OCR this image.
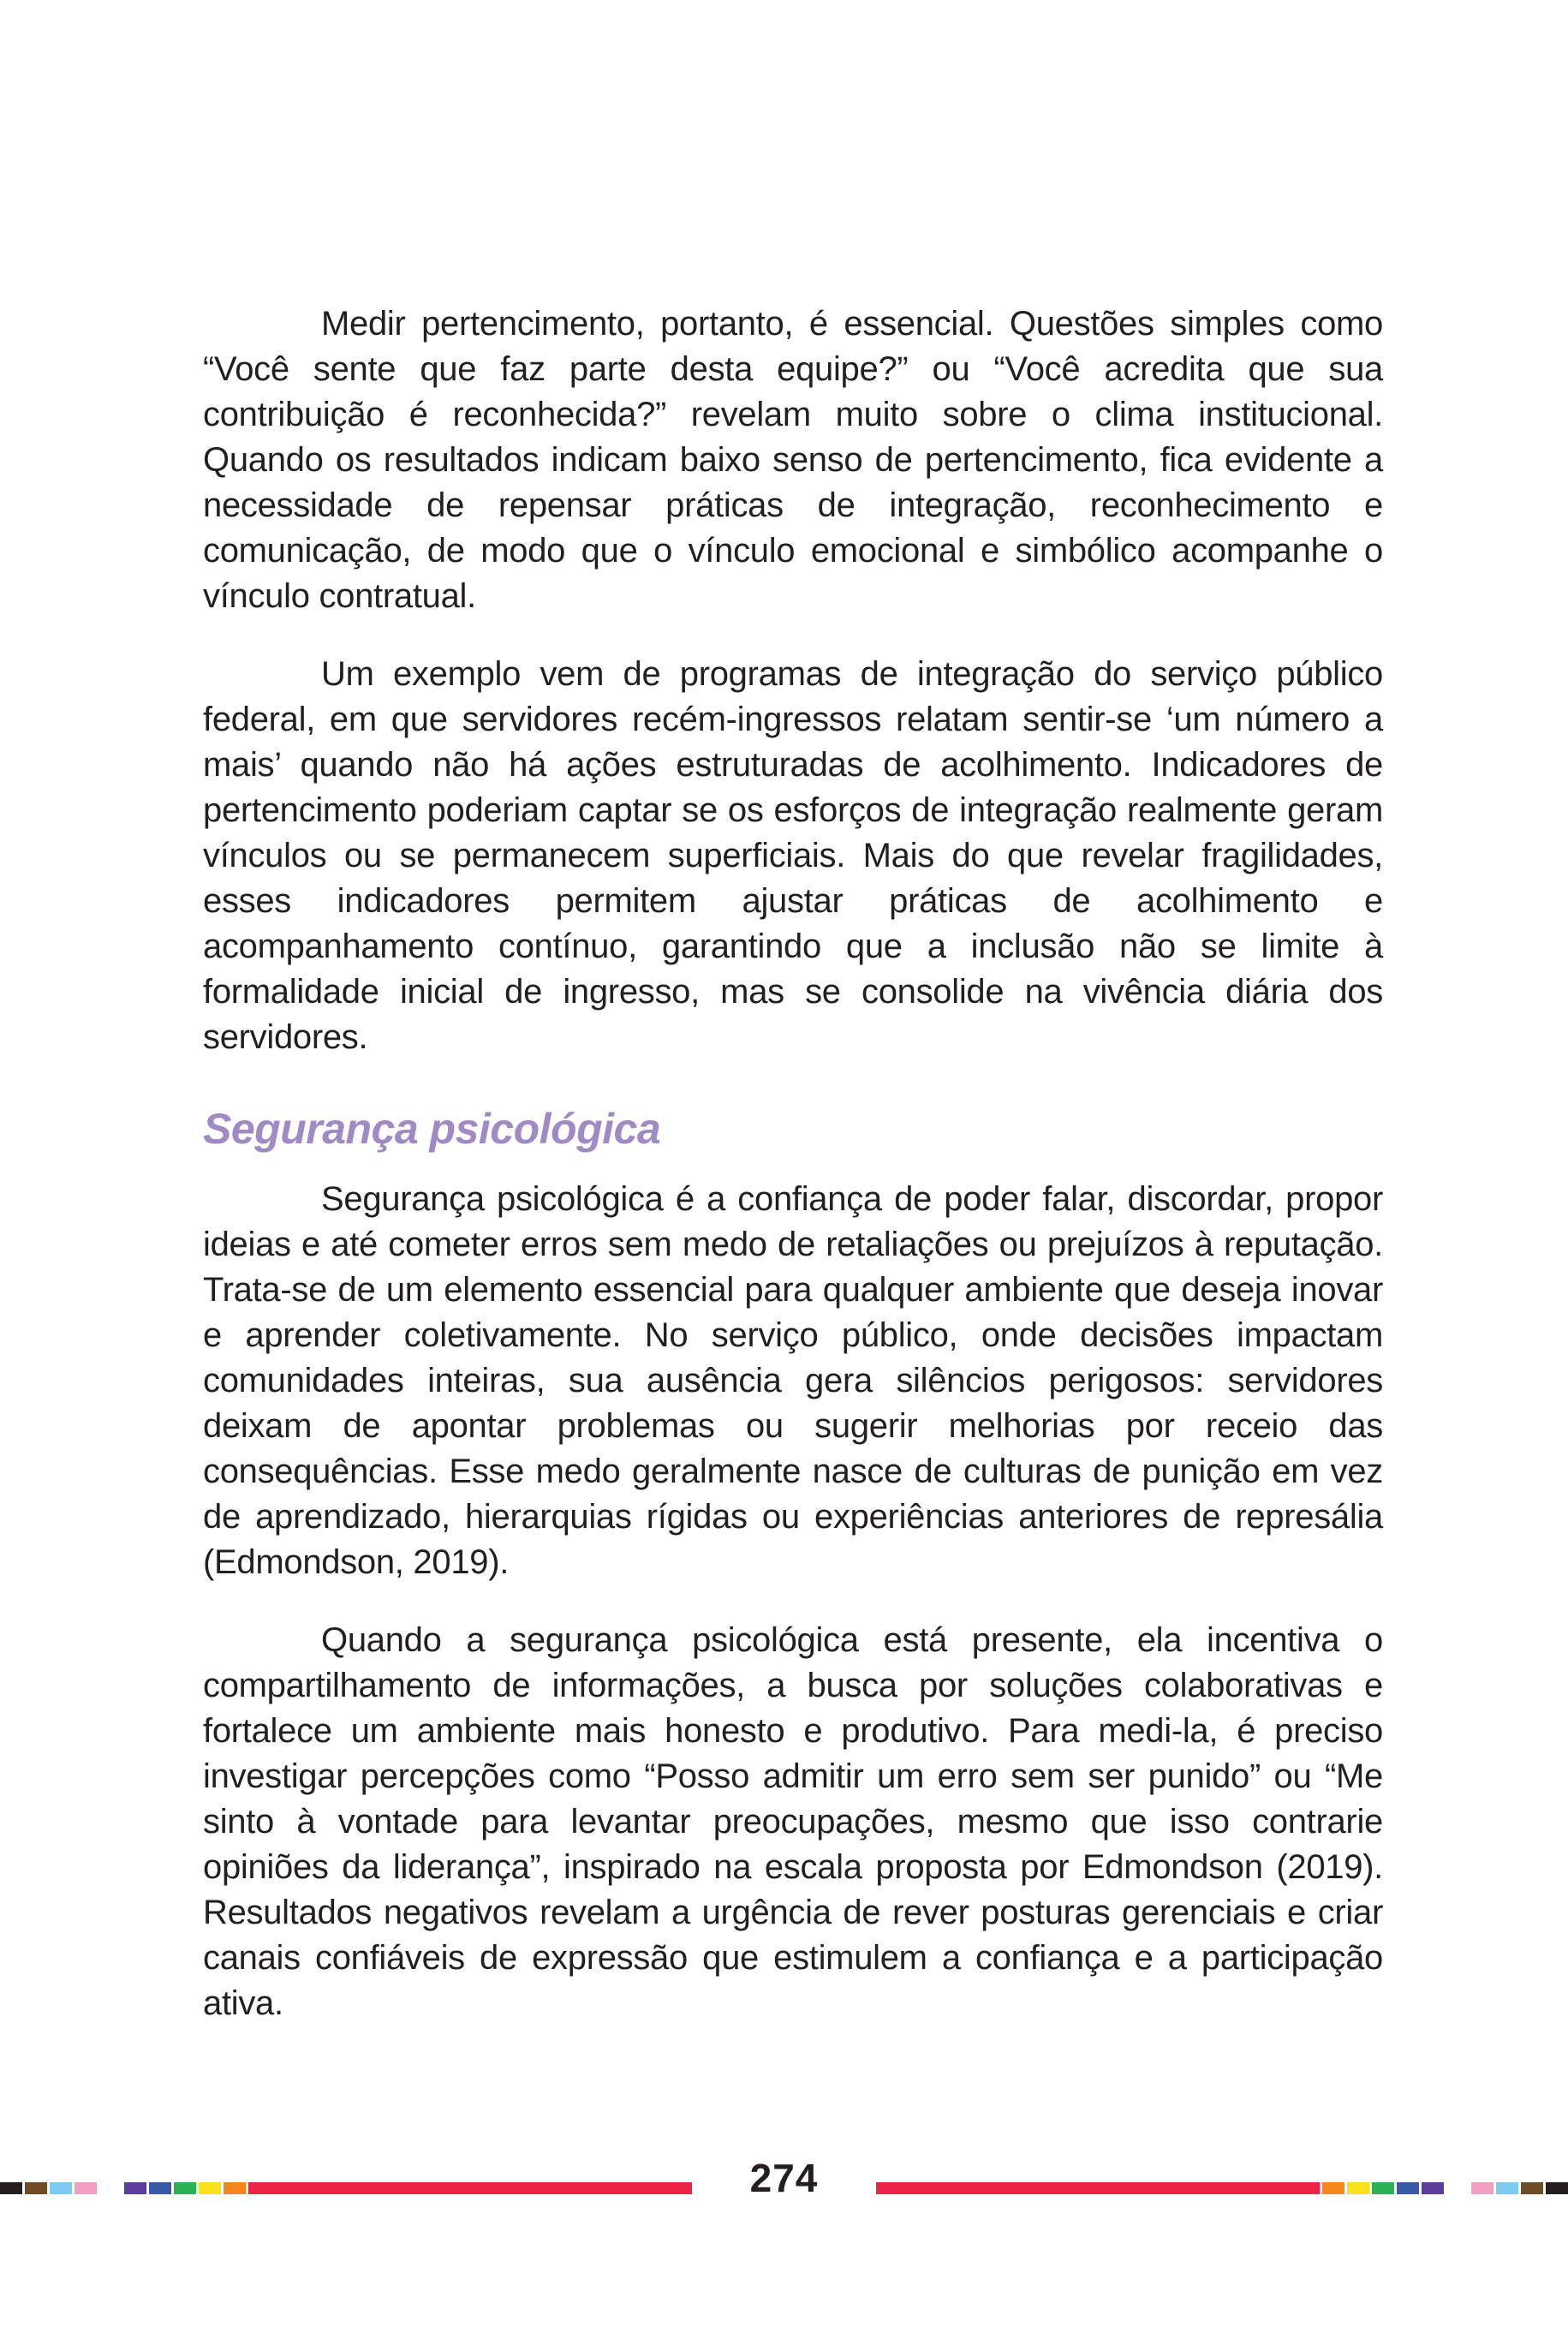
Medir pertencimento, portanto, é essencial. Questões simples como “Você sente que faz parte desta equipe?” ou “Você acredita que sua contribuição é reconhecida?” revelam muito sobre o clima institucional. Quando os resultados indicam baixo senso de pertencimento, fica evidente a necessidade de repensar práticas de integração, reconhecimento e comunicação, de modo que o vínculo emocional e simbólico acompanhe o vínculo contratual.

Um exemplo vem de programas de integração do serviço público federal, em que servidores recém-ingressos relatam sentir-se ‘um número a mais’ quando não há ações estruturadas de acolhimento. Indicadores de pertencimento poderiam captar se os esforços de integração realmente geram vínculos ou se permanecem superficiais. Mais do que revelar fragilidades, esses indicadores permitem ajustar práticas de acolhimento e acompanhamento contínuo, garantindo que a inclusão não se limite à formalidade inicial de ingresso, mas se consolide na vivência diária dos servidores.

Segurança psicológica

Segurança psicológica é a confiança de poder falar, discordar, propor ideias e até cometer erros sem medo de retaliações ou prejuízos à reputação. Trata-se de um elemento essencial para qualquer ambiente que deseja inovar e aprender coletivamente. No serviço público, onde decisões impactam comunidades inteiras, sua ausência gera silêncios perigosos: servidores deixam de apontar problemas ou sugerir melhorias por receio das consequências. Esse medo geralmente nasce de culturas de punição em vez de aprendizado, hierarquias rígidas ou experiências anteriores de represália (Edmondson, 2019).

Quando a segurança psicológica está presente, ela incentiva o compartilhamento de informações, a busca por soluções colaborativas e fortalece um ambiente mais honesto e produtivo. Para medi-la, é preciso investigar percepções como “Posso admitir um erro sem ser punido” ou “Me sinto à vontade para levantar preocupações, mesmo que isso contrarie opiniões da liderança”, inspirado na escala proposta por Edmondson (2019). Resultados negativos revelam a urgência de rever posturas gerenciais e criar canais confiáveis de expressão que estimulem a confiança e a participação ativa.

274
